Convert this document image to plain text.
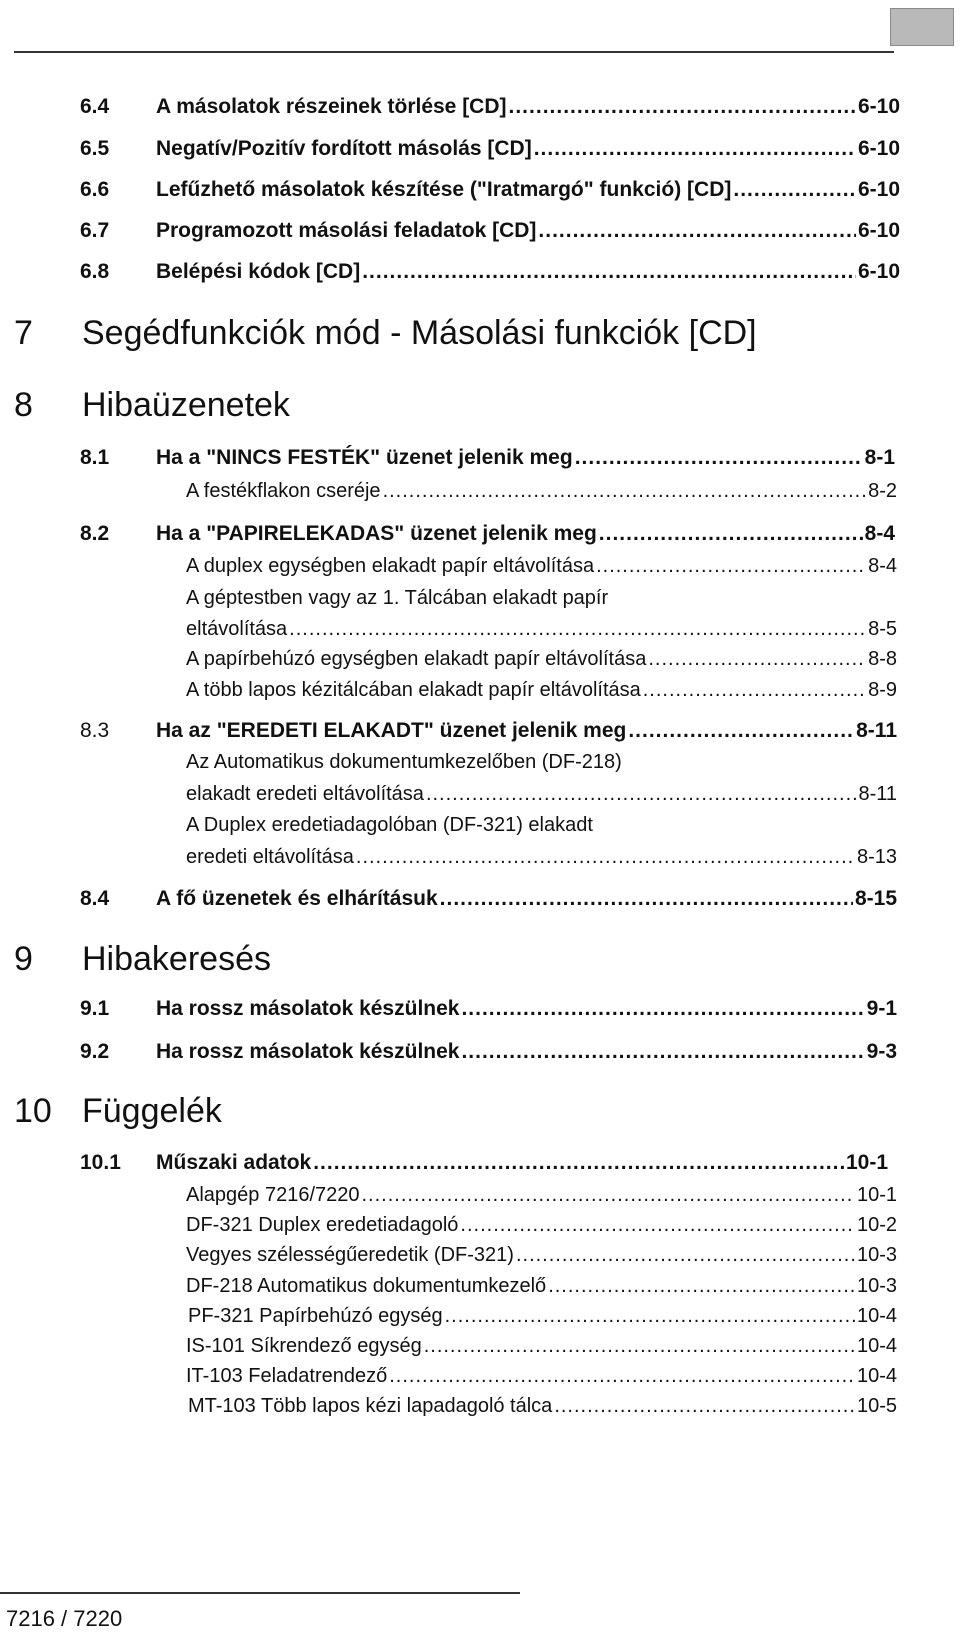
6.4	A másolatok részeinek törlése [CD] .....	6-10
6.5	Negatív/Pozitív fordított másolás [CD] .....	6-10
6.6	Lefűzhető másolatok készítése ("Iratmargó" funkció) [CD] .....	6-10
6.7	Programozott másolási feladatok [CD] .....	6-10
6.8	Belépési kódok [CD] .....	6-10
7 Segédfunkciók mód - Másolási funkciók [CD]
8 Hibaüzenetek
8.1	Ha a "NINCS FESTÉK" üzenet jelenik meg .....	8-1
A festékflakon cseréje .....	8-2
8.2	Ha a "PAPIRELEKADAS" üzenet jelenik meg .....	8-4
A duplex egységben elakadt papír eltávolítása .....	8-4
A géptestben vagy az 1. Tálcában elakadt papír
eltávolítása .....	8-5
A papírbehúzó egységben elakadt papír eltávolítása .....	8-8
A több lapos kézitálcában elakadt papír eltávolítása .....	8-9
8.3	Ha az "EREDETI ELAKADT" üzenet jelenik meg .....	8-11
Az Automatikus dokumentumkezelőben (DF-218)
elakadt eredeti eltávolítása .....	8-11
A Duplex eredetiadagolóban (DF-321) elakadt
eredeti eltávolítása .....	8-13
8.4	A fő üzenetek és elhárításuk .....	8-15
9 Hibakeresés
9.1	Ha rossz másolatok készülnek .....	9-1
9.2	Ha rossz másolatok készülnek .....	9-3
10 Függelék
10.1	Műszaki adatok .....	10-1
Alapgép 7216/7220 .....	10-1
DF-321 Duplex eredetiadagoló .....	10-2
Vegyes szélességűeredetik (DF-321) .....	10-3
DF-218 Automatikus dokumentumkezelő .....	10-3
PF-321 Papírbehúzó egység .....	10-4
IS-101 Síkrendező egység .....	10-4
IT-103 Feladatrendező .....	10-4
MT-103 Több lapos kézi lapadagoló tálca .....	10-5
7216 / 7220
